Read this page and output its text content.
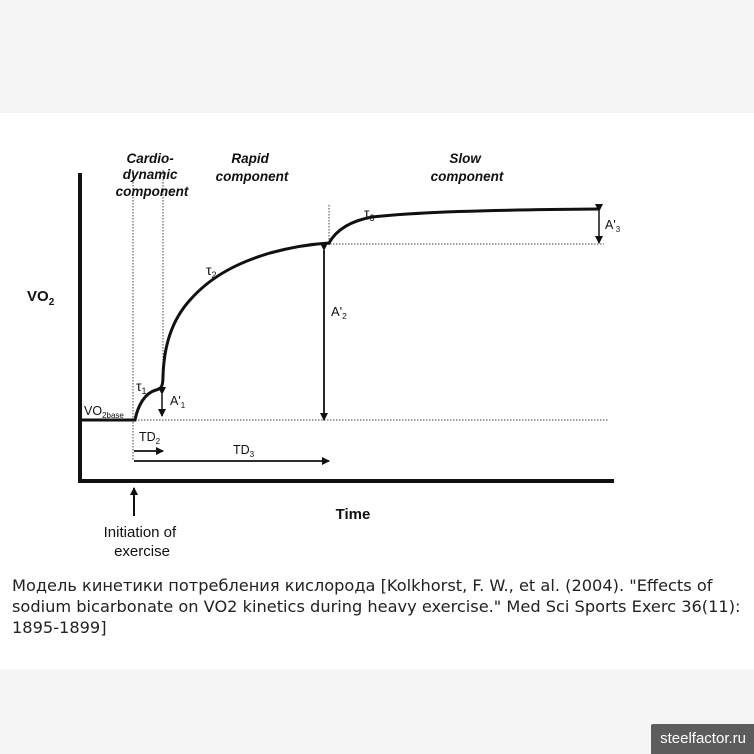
Cardio- dynamic component
Rapid component
Slow component
$VO_2$
Time
$VO_{2base}$
$\tau_1$
$\tau_2$
$\tau_3$
$A'_1$
$A'_2$
$A'_3$
$TD_2$
$TD_3$
Initiation of exercise
Модель кинетики потребления кислорода [Kolkhorst, F. W., et al. (2004). "Effects of sodium bicarbonate on VO2 kinetics during heavy exercise." Med Sci Sports Exerc 36(11): 1895-1899]
steelfactor.ru
